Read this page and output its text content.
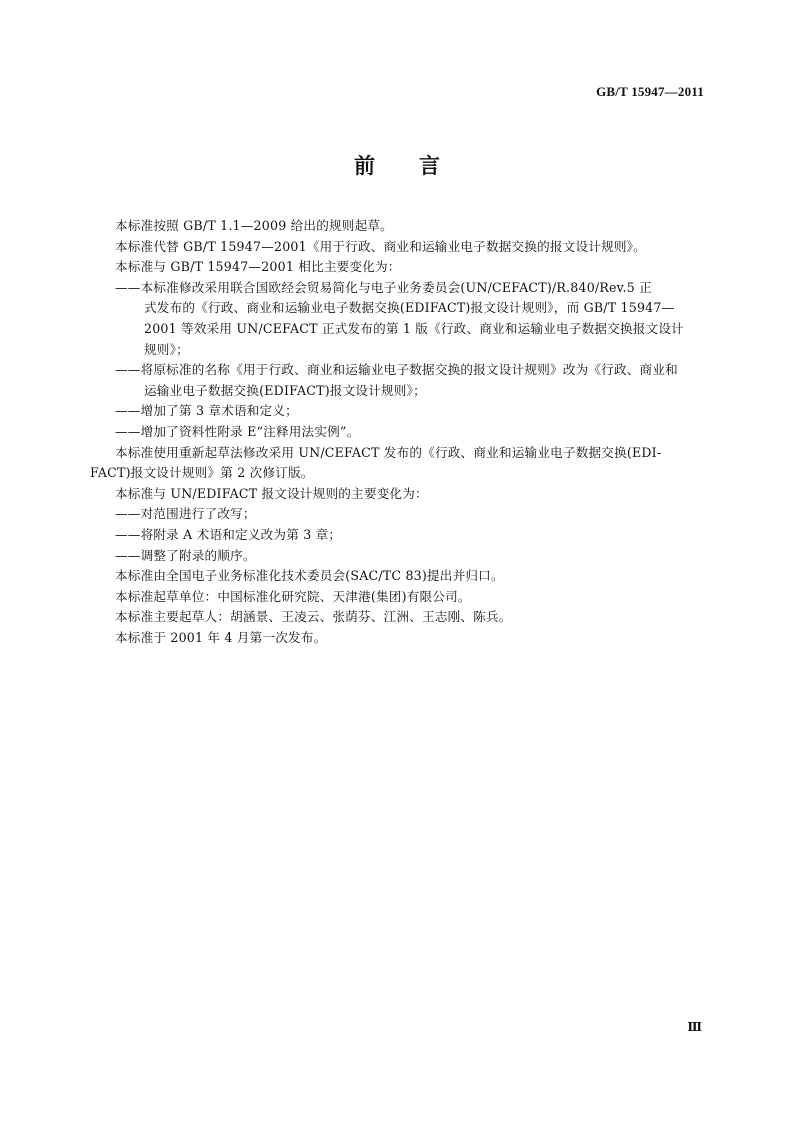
GB/T 15947—2011
前言

本标准按照 GB/T 1.1—2009 给出的规则起草。

本标准代替 GB/T 15947—2001《用于行政、商业和运输业电子数据交换的报文设计规则》。

本标准与 GB/T 15947—2001 相比主要变化为：

——本标准修改采用联合国欧经会贸易简化与电子业务委员会(UN/CEFACT)/R.840/Rev.5 正
式发布的《行政、商业和运输业电子数据交换(EDIFACT)报文设计规则》，而 GB/T 15947—
2001 等效采用 UN/CEFACT 正式发布的第 1 版《行政、商业和运输业电子数据交换报文设计
规则》；
——将原标准的名称《用于行政、商业和运输业电子数据交换的报文设计规则》改为《行政、商业和
运输业电子数据交换(EDIFACT)报文设计规则》；
——增加了第 3 章术语和定义；
——增加了资料性附录 E“注释用法实例”。
本标准使用重新起草法修改采用 UN/CEFACT 发布的《行政、商业和运输业电子数据交换(EDI-
FACT)报文设计规则》第 2 次修订版。

本标准与 UN/EDIFACT 报文设计规则的主要变化为：

——对范围进行了改写；
——将附录 A 术语和定义改为第 3 章；
——调整了附录的顺序。

本标准由全国电子业务标准化技术委员会(SAC/TC 83)提出并归口。

本标准起草单位：中国标准化研究院、天津港(集团)有限公司。

本标准主要起草人：胡涵景、王凌云、张荫芬、江洲、王志刚、陈兵。

本标准于 2001 年 4 月第一次发布。

Ⅲ
